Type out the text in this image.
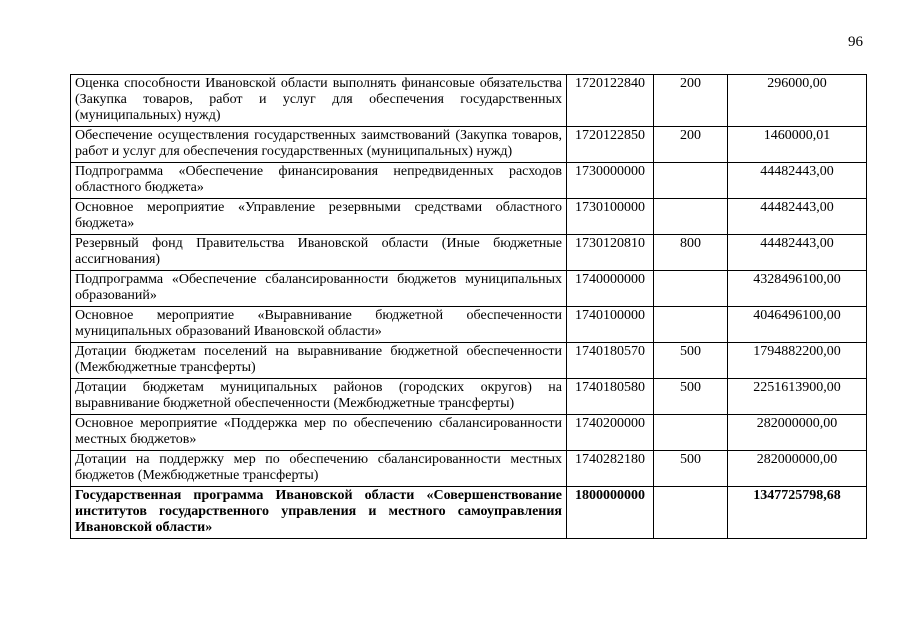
96
Оценка способности Ивановской области выполнять финансовые обязательства (Закупка товаров, работ и услуг для обеспечения государственных (муниципальных) нужд)	1720122840	200	296000,00
Обеспечение осуществления государственных заимствований (Закупка товаров, работ и услуг для обеспечения государственных (муниципальных) нужд)	1720122850	200	1460000,01
Подпрограмма «Обеспечение финансирования непредвиденных расходов областного бюджета»	1730000000		44482443,00
Основное мероприятие «Управление резервными средствами областного бюджета»	1730100000		44482443,00
Резервный фонд Правительства Ивановской области (Иные бюджетные ассигнования)	1730120810	800	44482443,00
Подпрограмма «Обеспечение сбалансированности бюджетов муниципальных образований»	1740000000		4328496100,00
Основное мероприятие «Выравнивание бюджетной обеспеченности муниципальных образований Ивановской области»	1740100000		4046496100,00
Дотации бюджетам поселений на выравнивание бюджетной обеспеченности (Межбюджетные трансферты)	1740180570	500	1794882200,00
Дотации бюджетам муниципальных районов (городских округов) на выравнивание бюджетной обеспеченности (Межбюджетные трансферты)	1740180580	500	2251613900,00
Основное мероприятие «Поддержка мер по обеспечению сбалансированности местных бюджетов»	1740200000		282000000,00
Дотации на поддержку мер по обеспечению сбалансированности местных бюджетов (Межбюджетные трансферты)	1740282180	500	282000000,00
Государственная программа Ивановской области «Совершенствование институтов государственного управления и местного самоуправления Ивановской области»	1800000000		1347725798,68
